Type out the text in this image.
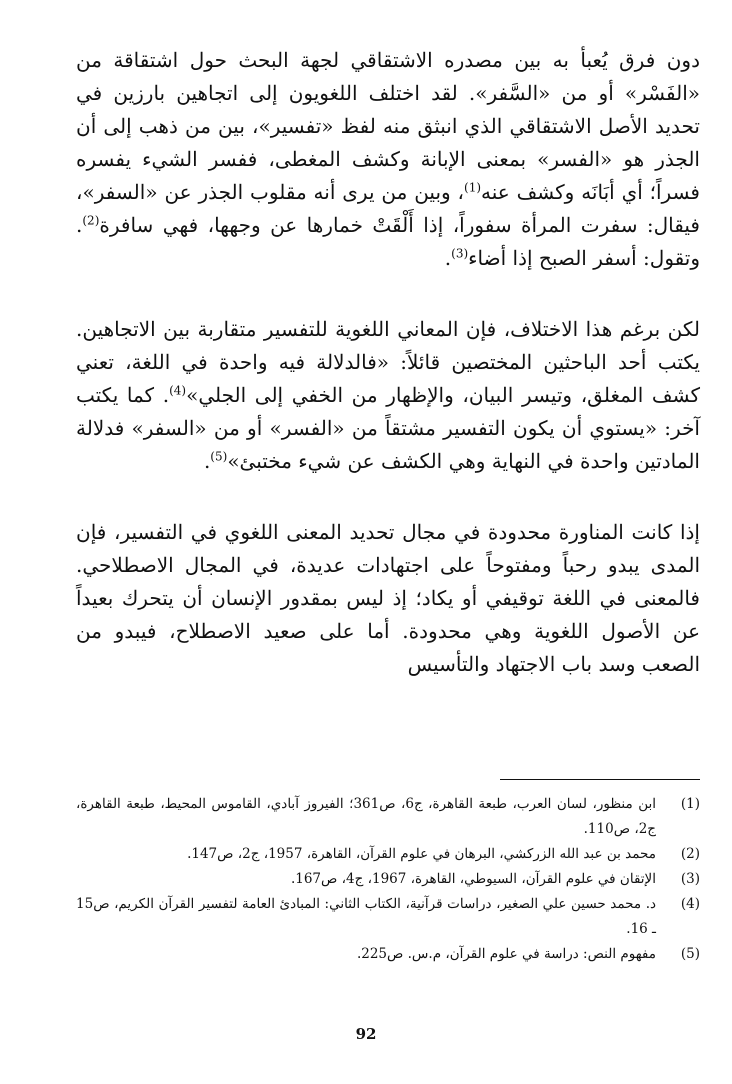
دون فرق يُعبأ به بين مصدره الاشتقاقي لجهة البحث حول اشتقاقة من «الفَسْر» أو من «السَّفر». لقد اختلف اللغويون إلى اتجاهين بارزين في تحديد الأصل الاشتقاقي الذي انبثق منه لفظ «تفسير»، بين من ذهب إلى أن الجذر هو «الفسر» بمعنى الإبانة وكشف المغطى، ففسر الشيء يفسره فسراً؛ أي أبَانَه وكشف عنه$^{(1)}$، وبين من يرى أنه مقلوب الجذر عن «السفر»، فيقال: سفرت المرأة سفوراً، إذا أَلْقَتْ خمارها عن وجهها، فهي سافرة$^{(2)}$. وتقول: أسفر الصبح إذا أضاء$^{(3)}$.

لكن برغم هذا الاختلاف، فإن المعاني اللغوية للتفسير متقاربة بين الاتجاهين. يكتب أحد الباحثين المختصين قائلاً: «فالدلالة فيه واحدة في اللغة، تعني كشف المغلق، وتيسر البيان، والإظهار من الخفي إلى الجلي»$^{(4)}$. كما يكتب آخر: «يستوي أن يكون التفسير مشتقاً من «الفسر» أو من «السفر» فدلالة المادتين واحدة في النهاية وهي الكشف عن شيء مختبئ»$^{(5)}$.

إذا كانت المناورة محدودة في مجال تحديد المعنى اللغوي في التفسير، فإن المدى يبدو رحباً ومفتوحاً على اجتهادات عديدة، في المجال الاصطلاحي. فالمعنى في اللغة توقيفي أو يكاد؛ إذ ليس بمقدور الإنسان أن يتحرك بعيداً عن الأصول اللغوية وهي محدودة. أما على صعيد الاصطلاح، فيبدو من الصعب وسد باب الاجتهاد والتأسيس

(1)
ابن منظور، لسان العرب، طبعة القاهرة، ج6، ص361؛ الفيروز آبادي، القاموس المحيط، طبعة القاهرة، ج2، ص110.
(2)
محمد بن عبد الله الزركشي، البرهان في علوم القرآن، القاهرة، 1957، ج2، ص147.
(3)
الإتقان في علوم القرآن، السيوطي، القاهرة، 1967، ج4، ص167.
(4)
د. محمد حسين علي الصغير، دراسات قرآنية، الكتاب الثاني: المبادئ العامة لتفسير القرآن الكريم، ص15 ـ 16.
(5)
مفهوم النص: دراسة في علوم القرآن، م.س. ص225.
92
